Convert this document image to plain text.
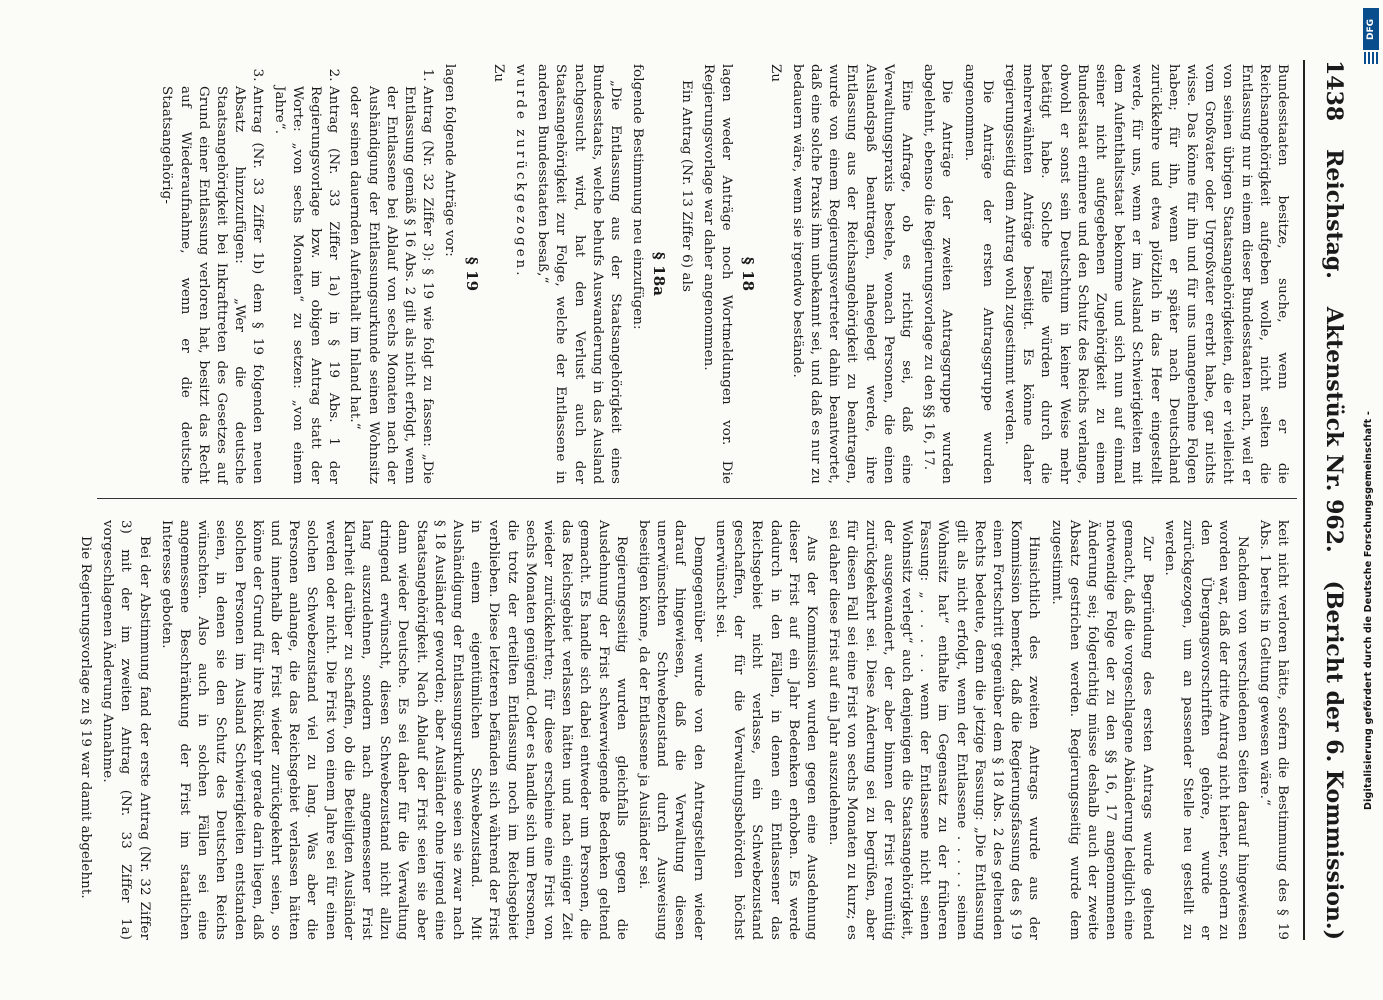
1438
Reichstag.
Aktenstück Nr. 962.
(Bericht der 6. Kommission.)

Bundesstaaten besitze, suche, wenn er die Reichsangehörigkeit aufgeben wolle, nicht selten die Entlassung nur in einem dieser Bundesstaaten nach, weil er von seinen übrigen Staatsangehörigkeiten, die er vielleicht vom Großvater oder Urgroßvater ererbt habe, gar nichts wisse. Das könne für ihn und für uns unangenehme Folgen haben; für ihn, wenn er später nach Deutschland zurückkehre und etwa plötzlich in das Heer eingestellt werde, für uns, wenn er im Ausland Schwierigkeiten mit dem Aufenthaltsstaat bekomme und sich nun auf einmal seiner nicht aufgegebenen Zugehörigkeit zu einem Bundesstaat erinnere und den Schutz des Reichs verlange, obwohl er sonst sein Deutschtum in keiner Weise mehr betätigt habe. Solche Fälle würden durch die mehrerwähnten Anträge beseitigt. Es könne daher regierungsseitig dem Antrag wohl zugestimmt werden.

Die Anträge der ersten Antragsgruppe wurden angenommen.

Die Anträge der zweiten Antragsgruppe wurden abgelehnt, ebenso die Regierungsvorlage zu den §§ 16, 17.

Eine Anfrage, ob es richtig sei, daß eine Verwaltungspraxis bestehe, wonach Personen, die einen Auslandspaß beantragen, nahegelegt werde, ihre Entlassung aus der Reichsangehörigkeit zu beantragen, wurde von einem Regierungsvertreter dahin beantwortet, daß eine solche Praxis ihm unbekannt sei, und daß es nur zu bedauern wäre, wenn sie irgendwo bestände.

Zu

§ 18

lagen weder Anträge noch Wortmeldungen vor. Die Regierungsvorlage war daher angenommen.

Ein Antrag (Nr. 13 Ziffer 6) als

§ 18a

folgende Bestimmung neu einzufügen:

„Die Entlassung aus der Staatsangehörigkeit eines Bundesstaats, welche behufs Auswanderung in das Ausland nachgesucht wird, hat den Verlust auch der Staatsangehörigkeit zur Folge, welche der Entlassene in anderen Bundesstaaten besaß,“

wurde zurückgezogen.

Zu

§ 19

lagen folgende Anträge vor:

1. Antrag (Nr. 32 Ziffer 3): § 19 wie folgt zu fassen: „Die Entlassung gemäß § 16 Abs. 2 gilt als nicht erfolgt, wenn der Entlassene bei Ablauf von sechs Monaten nach der Aushändigung der Entlassungsurkunde seinen Wohnsitz oder seinen dauernden Aufenthalt im Inland hat.“
2. Antrag (Nr. 33 Ziffer 1a) in § 19 Abs. 1 der Regierungsvorlage bzw. im obigen Antrag statt der Worte: „von sechs Monaten“ zu setzen: „von einem Jahre“.
3. Antrag (Nr. 33 Ziffer 1b) dem § 19 folgenden neuen Absatz hinzuzufügen: „Wer die deutsche Staatsangehörigkeit bei Inkrafttreten des Gesetzes auf Grund einer Entlassung verloren hat, besitzt das Recht auf Wiederaufnahme, wenn er die deutsche Staatsangehörig-

keit nicht verloren hätte, sofern die Bestimmung des § 19 Abs. 1 bereits in Geltung gewesen wäre.“

Nachdem von verschiedenen Seiten darauf hingewiesen worden war, daß der dritte Antrag nicht hierher, sondern zu den Übergangsvorschriften gehöre, wurde er zurückgezogen, um an passender Stelle neu gestellt zu werden.

Zur Begründung des ersten Antrags wurde geltend gemacht, daß die vorgeschlagene Abänderung lediglich eine notwendige Folge der zu den §§ 16, 17 angenommenen Änderung sei; folgerichtig müsse deshalb auch der zweite Absatz gestrichen werden. Regierungsseitig wurde dem zugestimmt.

Hinsichtlich des zweiten Antrags wurde aus der Kommission bemerkt, daß die Regierungsfassung des § 19 einen Fortschritt gegenüber dem § 18 Abs. 2 des geltenden Rechts bedeute, denn die jetzige Fassung: „Die Entlassung gilt als nicht erfolgt, wenn der Entlassene . . . . . seinen Wohnsitz hat“ enthalte im Gegensatz zu der früheren Fassung: „ . . . . . wenn der Entlassene nicht seinen Wohnsitz verlegt“ auch denjenigen die Staatsangehörigkeit, der ausgewandert, der aber binnen der Frist reumütig zurückgekehrt sei. Diese Änderung sei zu begrüßen, aber für diesen Fall sei eine Frist von sechs Monaten zu kurz; es sei daher diese Frist auf ein Jahr auszudehnen.

Aus der Kommission wurden gegen eine Ausdehnung dieser Frist auf ein Jahr Bedenken erhoben. Es werde dadurch in den Fällen, in denen ein Entlassener das Reichsgebiet nicht verlasse, ein Schwebezustand geschaffen, der für die Verwaltungsbehörden höchst unerwünscht sei.

Demgegenüber wurde von den Antragstellern wieder darauf hingewiesen, daß die Verwaltung diesen unerwünschten Schwebezustand durch Ausweisung beseitigen könne, da der Entlassene ja Ausländer sei.

Regierungsseitig wurden gleichfalls gegen die Ausdehnung der Frist schwerwiegende Bedenken geltend gemacht. Es handle sich dabei entweder um Personen, die das Reichsgebiet verlassen hätten und nach einiger Zeit wieder zurückkehrten; für diese erscheine eine Frist von sechs Monaten genügend. Oder es handle sich um Personen, die trotz der erteilten Entlassung noch im Reichsgebiet verblieben. Diese letzteren befänden sich während der Frist in einem eigentümlichen Schwebezustand. Mit Aushändigung der Entlassungsurkunde seien sie zwar nach § 18 Ausländer geworden; aber Ausländer ohne irgend eine Staatsangehörigkeit. Nach Ablauf der Frist seien sie aber dann wieder Deutsche. Es sei daher für die Verwaltung dringend erwünscht, diesen Schwebezustand nicht allzu lang auszudehnen, sondern nach angemessener Frist Klarheit darüber zu schaffen, ob die Beteiligten Ausländer werden oder nicht. Die Frist von einem Jahre sei für einen solchen Schwebezustand viel zu lang. Was aber die Personen anlange, die das Reichsgebiet verlassen hätten und innerhalb der Frist wieder zurückgekehrt seien, so könne der Grund für ihre Rückkehr gerade darin liegen, daß solchen Personen im Ausland Schwierigkeiten entstanden seien, in denen sie den Schutz des Deutschen Reichs wünschten. Also auch in solchen Fällen sei eine angemessene Beschränkung der Frist im staatlichen Interesse geboten.

Bei der Abstimmung fand der erste Antrag (Nr. 32 Ziffer 3) mit der im zweiten Antrag (Nr. 33 Ziffer 1a) vorgeschlagenen Änderung Annahme.

Die Regierungsvorlage zu § 19 war damit abgelehnt.

DFG
Digitalisierung gefördert durch die Deutsche Forschungsgemeinschaft -
